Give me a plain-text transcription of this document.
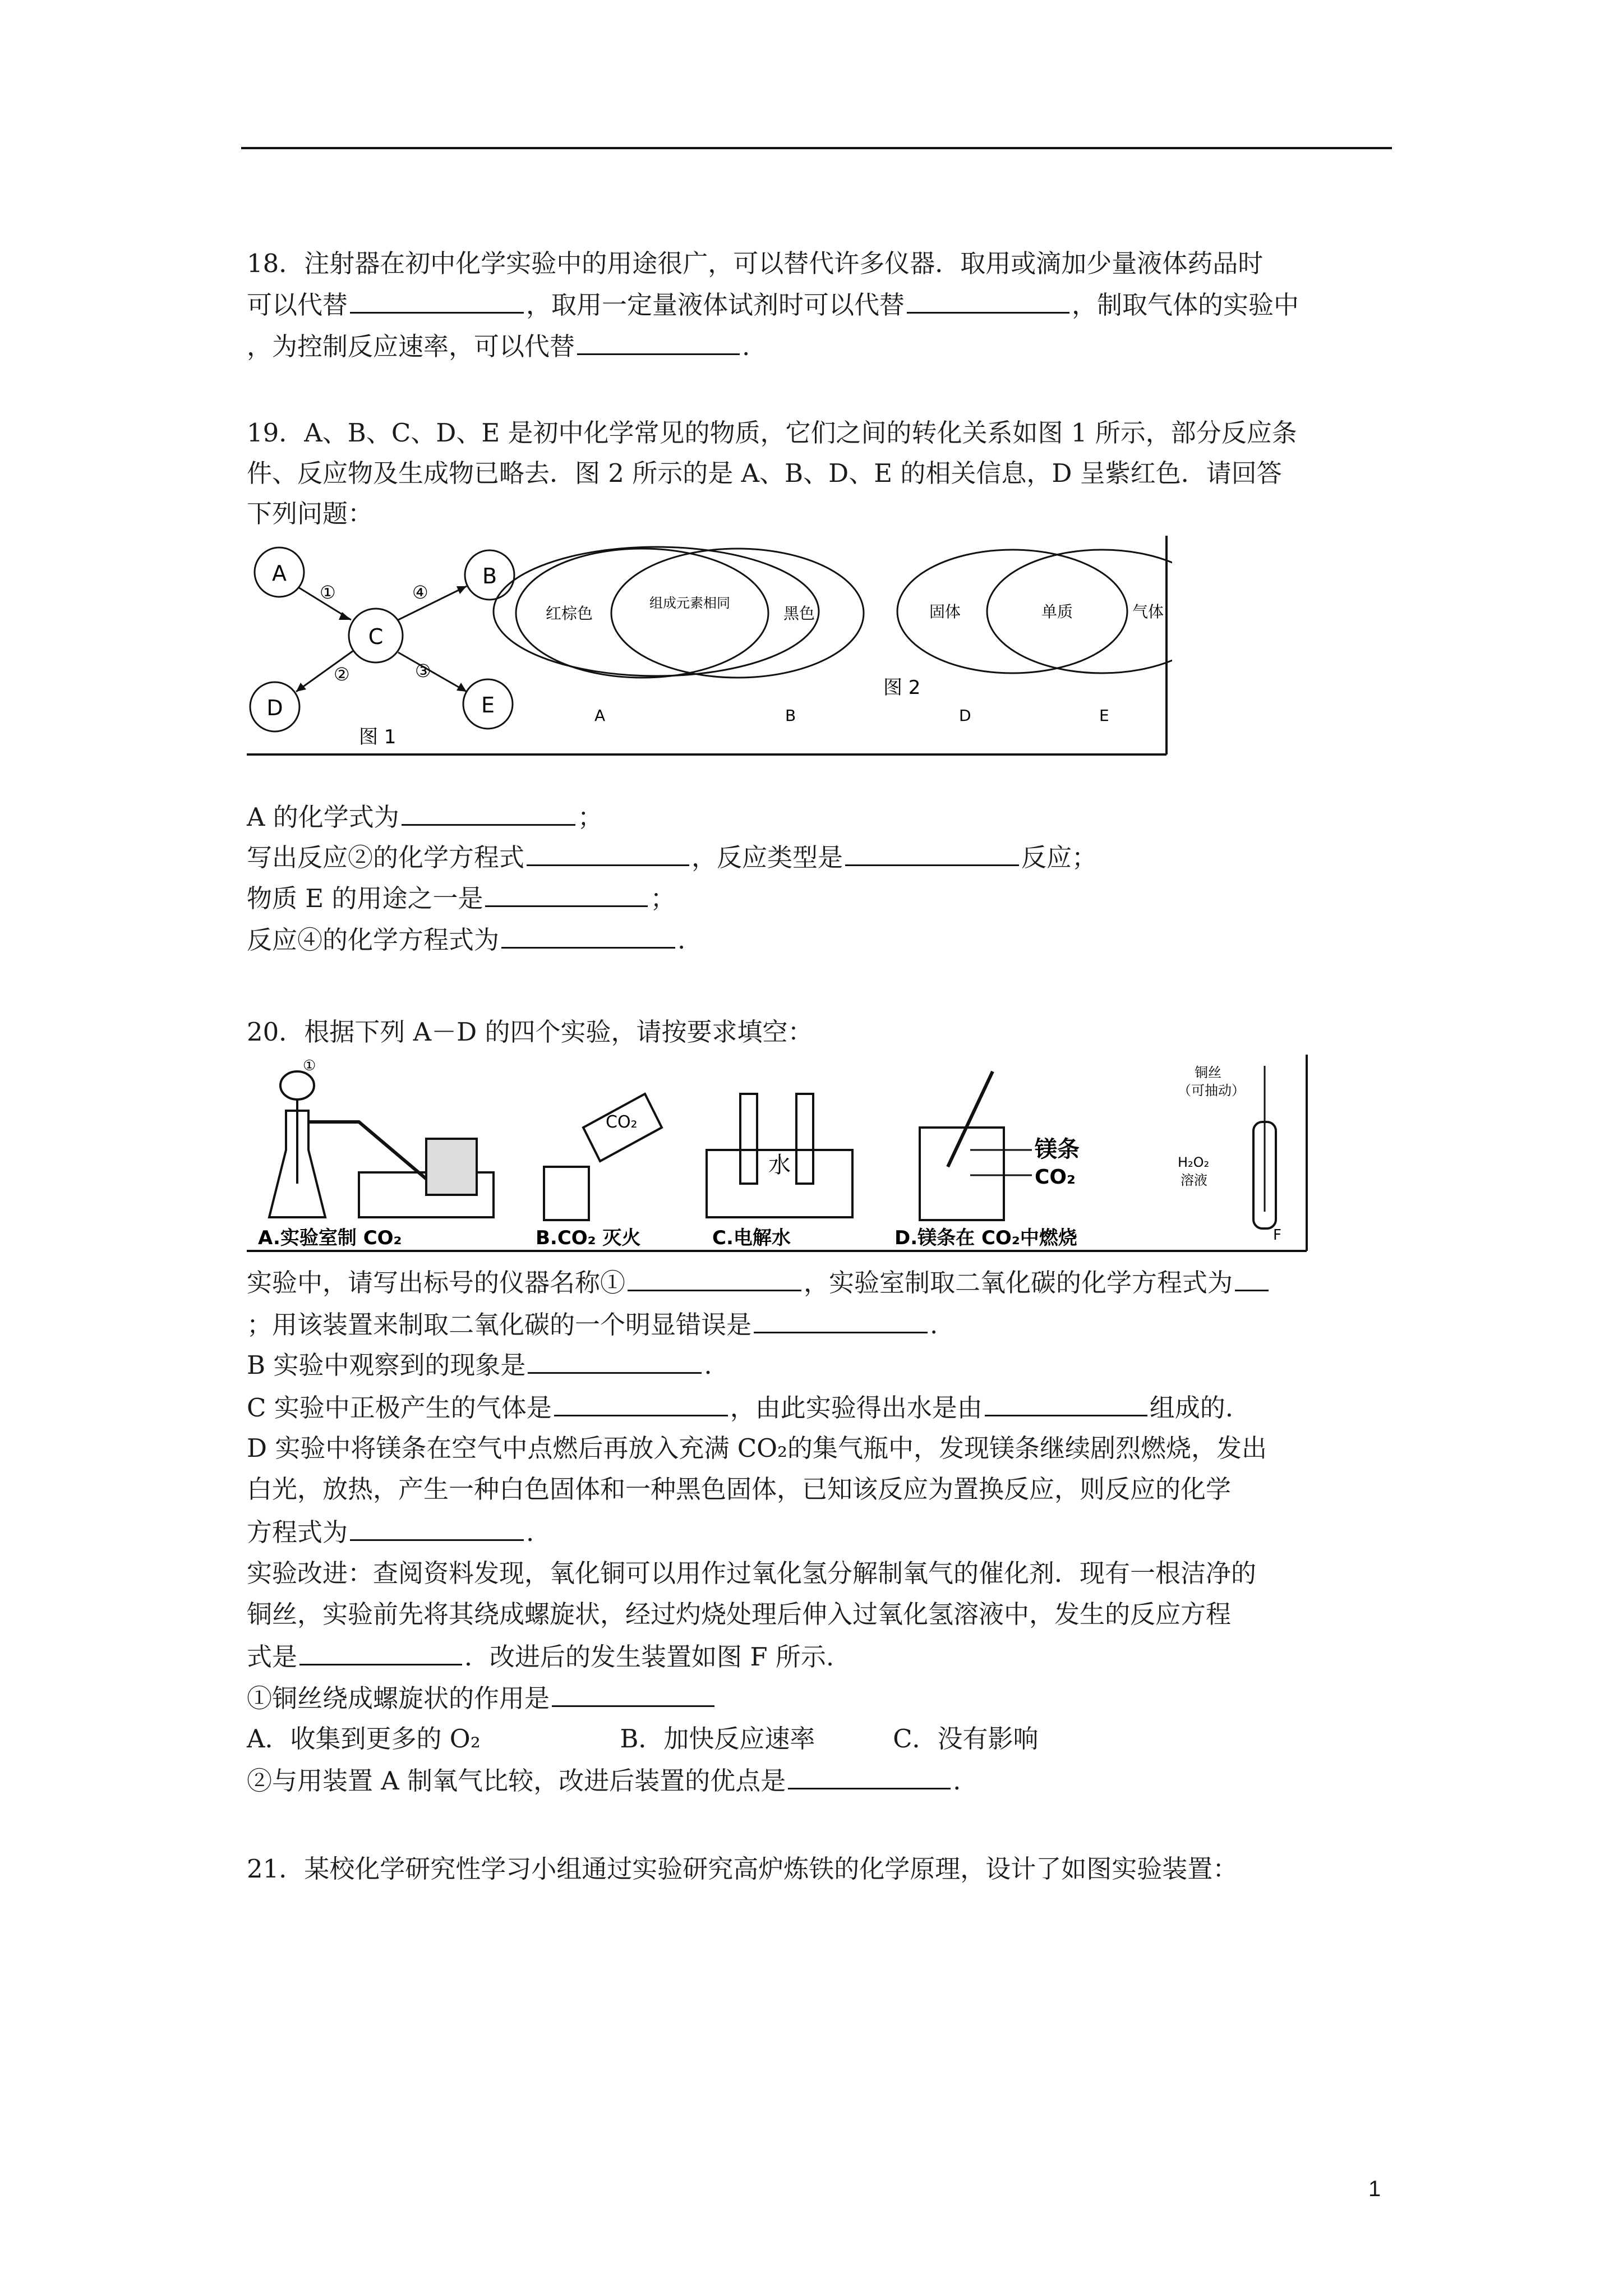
18．注射器在初中化学实验中的用途很广，可以替代许多仪器．取用或滴加少量液体药品时
可以代替	，取用一定量液体试剂时可以代替	，制取气体的实验中
，为控制反应速率，可以代替	.
19．A、B、C、D、E 是初中化学常见的物质，它们之间的转化关系如图 1 所示，部分反应条
件、反应物及生成物已略去．图 2 所示的是 A、B、D、E 的相关信息，D 呈紫红色．请回答
下列问题：
A	B
C
D	E
①
②	③
④
图 1
红棕色
组成元素相同
黑色	固体	单质	气体
图 2
A	B	D	E
A 的化学式为	；
写出反应②的化学方程式	，反应类型是	反应；
物质 E 的用途之一是	；
反应④的化学方程式为	.
20．根据下列 A－D 的四个实验，请按要求填空：
①
A.实验室制 CO₂
CO₂
B.CO₂ 灭火
水
C.电解水
镁条
CO₂
D.镁条在 CO₂中燃烧
铜丝
（可抽动）
H₂O₂
溶液
F
实验中，请写出标号的仪器名称①	，实验室制取二氧化碳的化学方程式为
；用该装置来制取二氧化碳的一个明显错误是	.
B 实验中观察到的现象是	.
C 实验中正极产生的气体是	，由此实验得出水是由	组成的.
D 实验中将镁条在空气中点燃后再放入充满 CO₂的集气瓶中，发现镁条继续剧烈燃烧，发出
白光，放热，产生一种白色固体和一种黑色固体，已知该反应为置换反应，则反应的化学
方程式为	.
实验改进：查阅资料发现，氧化铜可以用作过氧化氢分解制氧气的催化剂．现有一根洁净的
铜丝，实验前先将其绕成螺旋状，经过灼烧处理后伸入过氧化氢溶液中，发生的反应方程
式是	．改进后的发生装置如图 F 所示.
①铜丝绕成螺旋状的作用是
A．收集到更多的 O₂	B．加快反应速率	C．没有影响
②与用装置 A 制氧气比较，改进后装置的优点是	.
21．某校化学研究性学习小组通过实验研究高炉炼铁的化学原理，设计了如图实验装置：
1
